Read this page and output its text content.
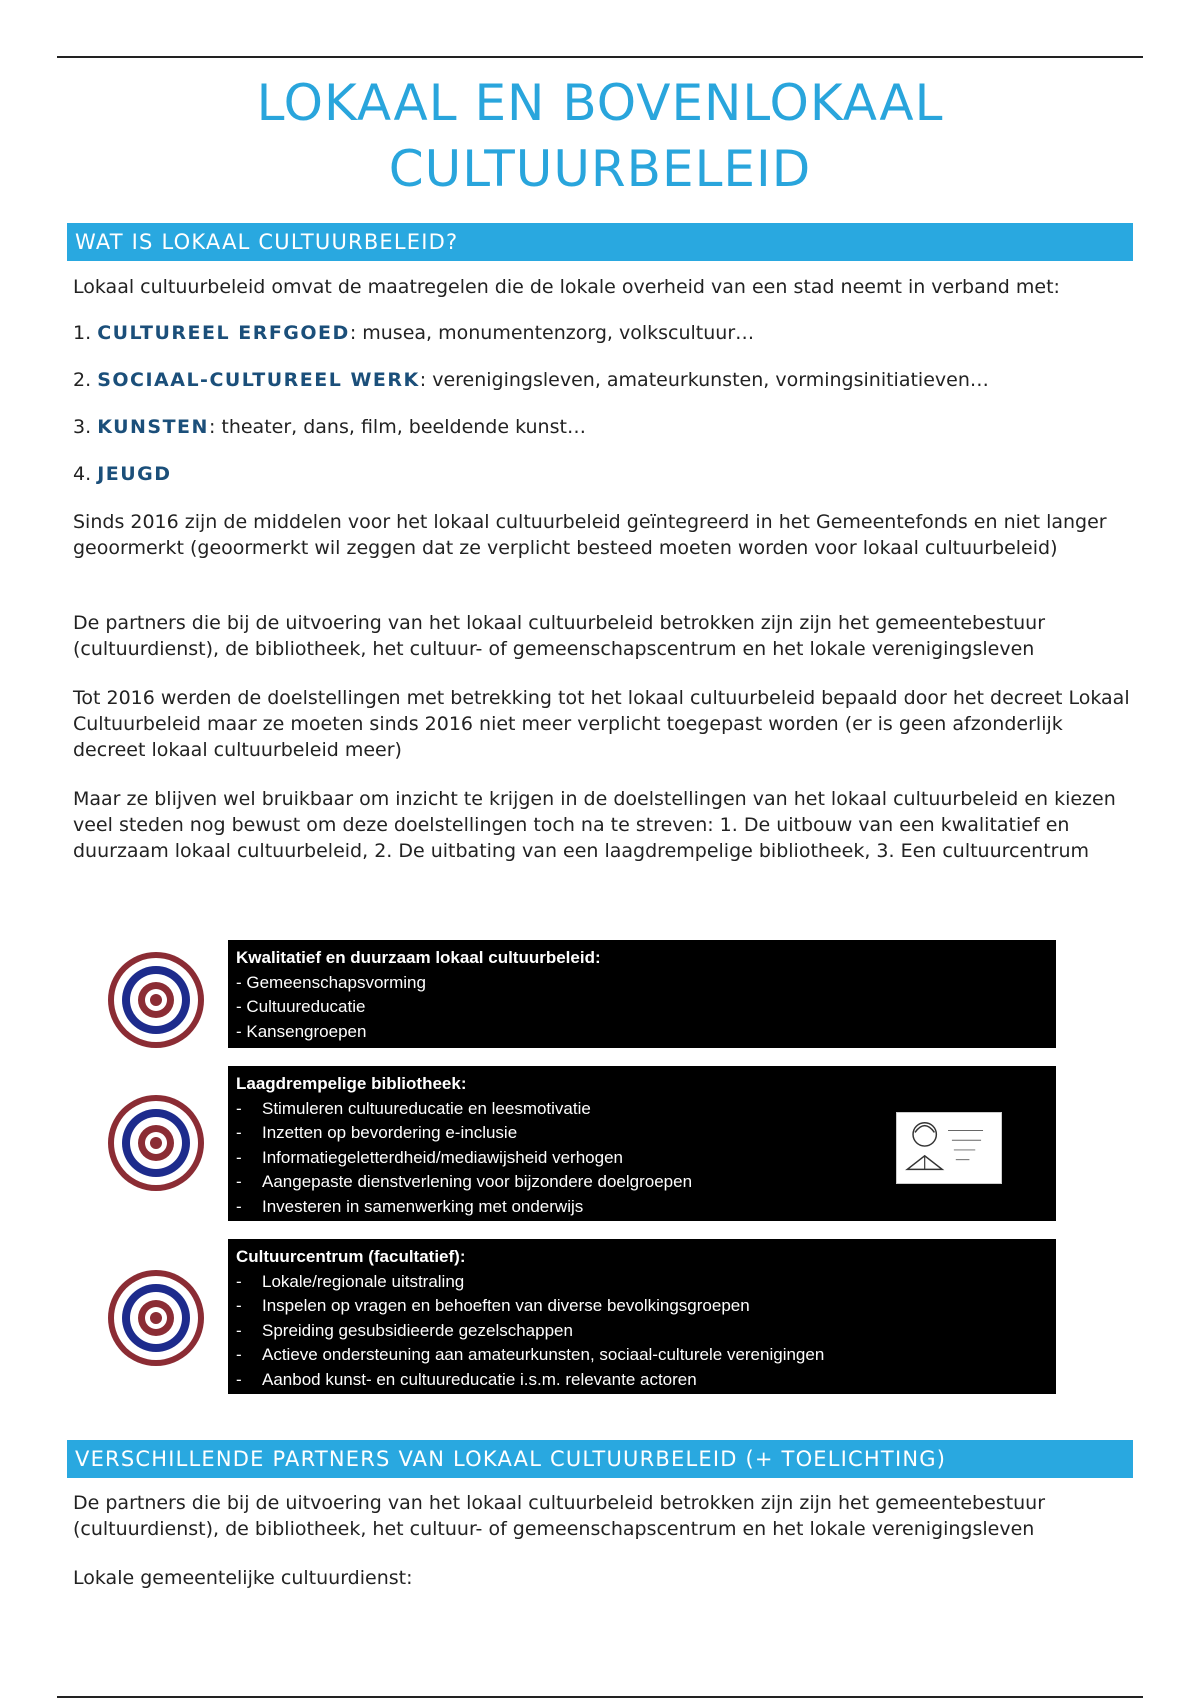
LOKAAL EN BOVENLOKAAL
CULTUURBELEID
WAT IS LOKAAL CULTUURBELEID?
Lokaal cultuurbeleid omvat de maatregelen die de lokale overheid van een stad neemt in verband met:
1. CULTUREEL ERFGOED: musea, monumentenzorg, volkscultuur…
2. SOCIAAL-CULTUREEL WERK: verenigingsleven, amateurkunsten, vormingsinitiatieven…
3. KUNSTEN: theater, dans, film, beeldende kunst…
4. JEUGD
Sinds 2016 zijn de middelen voor het lokaal cultuurbeleid geïntegreerd in het Gemeentefonds en niet langer geoormerkt (geoormerkt wil zeggen dat ze verplicht besteed moeten worden voor lokaal cultuurbeleid)
De partners die bij de uitvoering van het lokaal cultuurbeleid betrokken zijn zijn het gemeentebestuur (cultuurdienst), de bibliotheek, het cultuur- of gemeenschapscentrum en het lokale verenigingsleven
Tot 2016 werden de doelstellingen met betrekking tot het lokaal cultuurbeleid bepaald door het decreet Lokaal Cultuurbeleid maar ze moeten sinds 2016 niet meer verplicht toegepast worden (er is geen afzonderlijk decreet lokaal cultuurbeleid meer)
Maar ze blijven wel bruikbaar om inzicht te krijgen in de doelstellingen van het lokaal cultuurbeleid en kiezen veel steden nog bewust om deze doelstellingen toch na te streven: 1. De uitbouw van een kwalitatief en duurzaam lokaal cultuurbeleid, 2. De uitbating van een laagdrempelige bibliotheek, 3. Een cultuurcentrum
Kwalitatief en duurzaam lokaal cultuurbeleid:
- Gemeenschapsvorming
- Cultuureducatie
- Kansengroepen
Laagdrempelige bibliotheek:
- Stimuleren cultuureducatie en leesmotivatie
- Inzetten op bevordering e-inclusie
- Informatiegeletterdheid/mediawijsheid verhogen
- Aangepaste dienstverlening voor bijzondere doelgroepen
- Investeren in samenwerking met onderwijs
Cultuurcentrum (facultatief):
- Lokale/regionale uitstraling
- Inspelen op vragen en behoeften van diverse bevolkingsgroepen
- Spreiding gesubsidieerde gezelschappen
- Actieve ondersteuning aan amateurkunsten, sociaal-culturele verenigingen
- Aanbod kunst- en cultuureducatie i.s.m. relevante actoren
VERSCHILLENDE PARTNERS VAN LOKAAL CULTUURBELEID (+ TOELICHTING)
De partners die bij de uitvoering van het lokaal cultuurbeleid betrokken zijn zijn het gemeentebestuur (cultuurdienst), de bibliotheek, het cultuur- of gemeenschapscentrum en het lokale verenigingsleven
Lokale gemeentelijke cultuurdienst:
